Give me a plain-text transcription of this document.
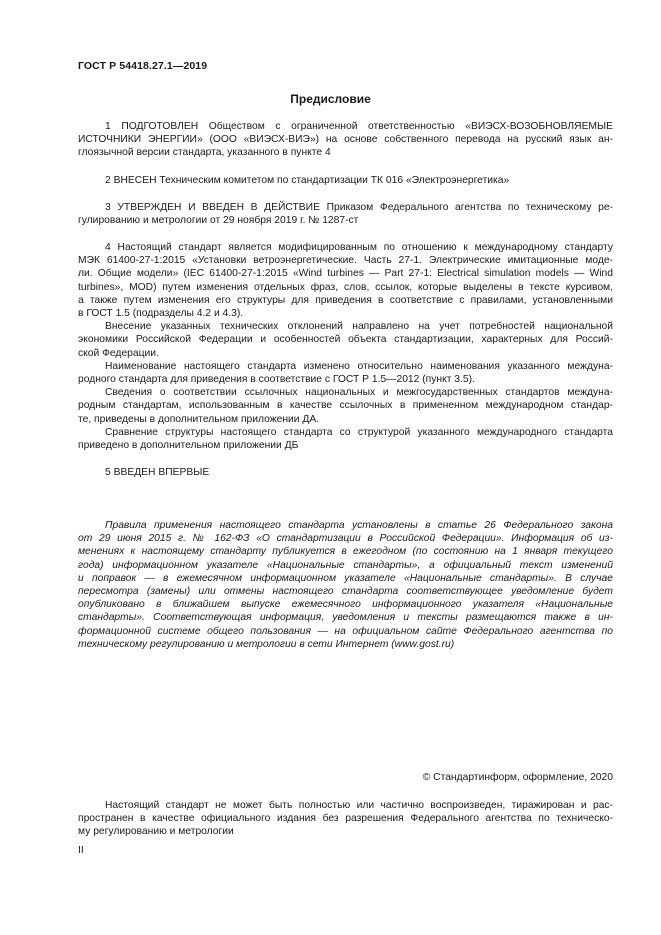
ГОСТ Р 54418.27.1—2019
Предисловие
1 ПОДГОТОВЛЕН Обществом с ограниченной ответственностью «ВИЭСХ-ВОЗОБНОВЛЯЕМЫЕ
ИСТОЧНИКИ ЭНЕРГИИ» (ООО «ВИЭСХ-ВИЭ») на основе собственного перевода на русский язык ан-
глоязычной версии стандарта, указанного в пункте 4
2 ВНЕСЕН Техническим комитетом по стандартизации ТК 016 «Электроэнергетика»
3 УТВЕРЖДЕН И ВВЕДЕН В ДЕЙСТВИЕ Приказом Федерального агентства по техническому ре-
гулированию и метрологии от 29 ноября 2019 г. № 1287-ст
4 Настоящий стандарт является модифицированным по отношению к международному стандарту
МЭК 61400-27-1:2015 «Установки ветроэнергетические. Часть 27-1. Электрические имитационные моде-
ли. Общие модели» (IEC 61400-27-1:2015 «Wind turbines — Part 27-1: Electrical simulation models — Wind
turbines», MOD) путем изменения отдельных фраз, слов, ссылок, которые выделены в тексте курсивом,
а также путем изменения его структуры для приведения в соответствие с правилами, установленными
в ГОСТ 1.5 (подразделы 4.2 и 4.3).
Внесение указанных технических отклонений направлено на учет потребностей национальной
экономики Российской Федерации и особенностей объекта стандартизации, характерных для Россий-
ской Федерации.
Наименование настоящего стандарта изменено относительно наименования указанного междуна-
родного стандарта для приведения в соответствие с ГОСТ Р 1.5—2012 (пункт 3.5).
Сведения о соответствии ссылочных национальных и межгосударственных стандартов междуна-
родным стандартам, использованным в качестве ссылочных в примененном международном стандар-
те, приведены в дополнительном приложении ДА.
Сравнение структуры настоящего стандарта со структурой указанного международного стандарта
приведено в дополнительном приложении ДБ
5 ВВЕДЕН ВПЕРВЫЕ
Правила применения настоящего стандарта установлены в статье 26 Федерального закона
от 29 июня 2015 г. № 162-ФЗ «О стандартизации в Российской Федерации». Информация об из-
менениях к настоящему стандарту публикуется в ежегодном (по состоянию на 1 января текущего
года) информационном указателе «Национальные стандарты», а официальный текст изменений
и поправок — в ежемесячном информационном указателе «Национальные стандарты». В случае
пересмотра (замены) или отмены настоящего стандарта соответствующее уведомление будет
опубликовано в ближайшем выпуске ежемесячного информационного указателя «Национальные
стандарты». Соответствующая информация, уведомления и тексты размещаются также в ин-
формационной системе общего пользования — на официальном сайте Федерального агентства по
техническому регулированию и метрологии в сети Интернет (www.gost.ru)
© Стандартинформ, оформление, 2020
Настоящий стандарт не может быть полностью или частично воспроизведен, тиражирован и рас-
пространен в качестве официального издания без разрешения Федерального агентства по техническо-
му регулированию и метрологии
II
